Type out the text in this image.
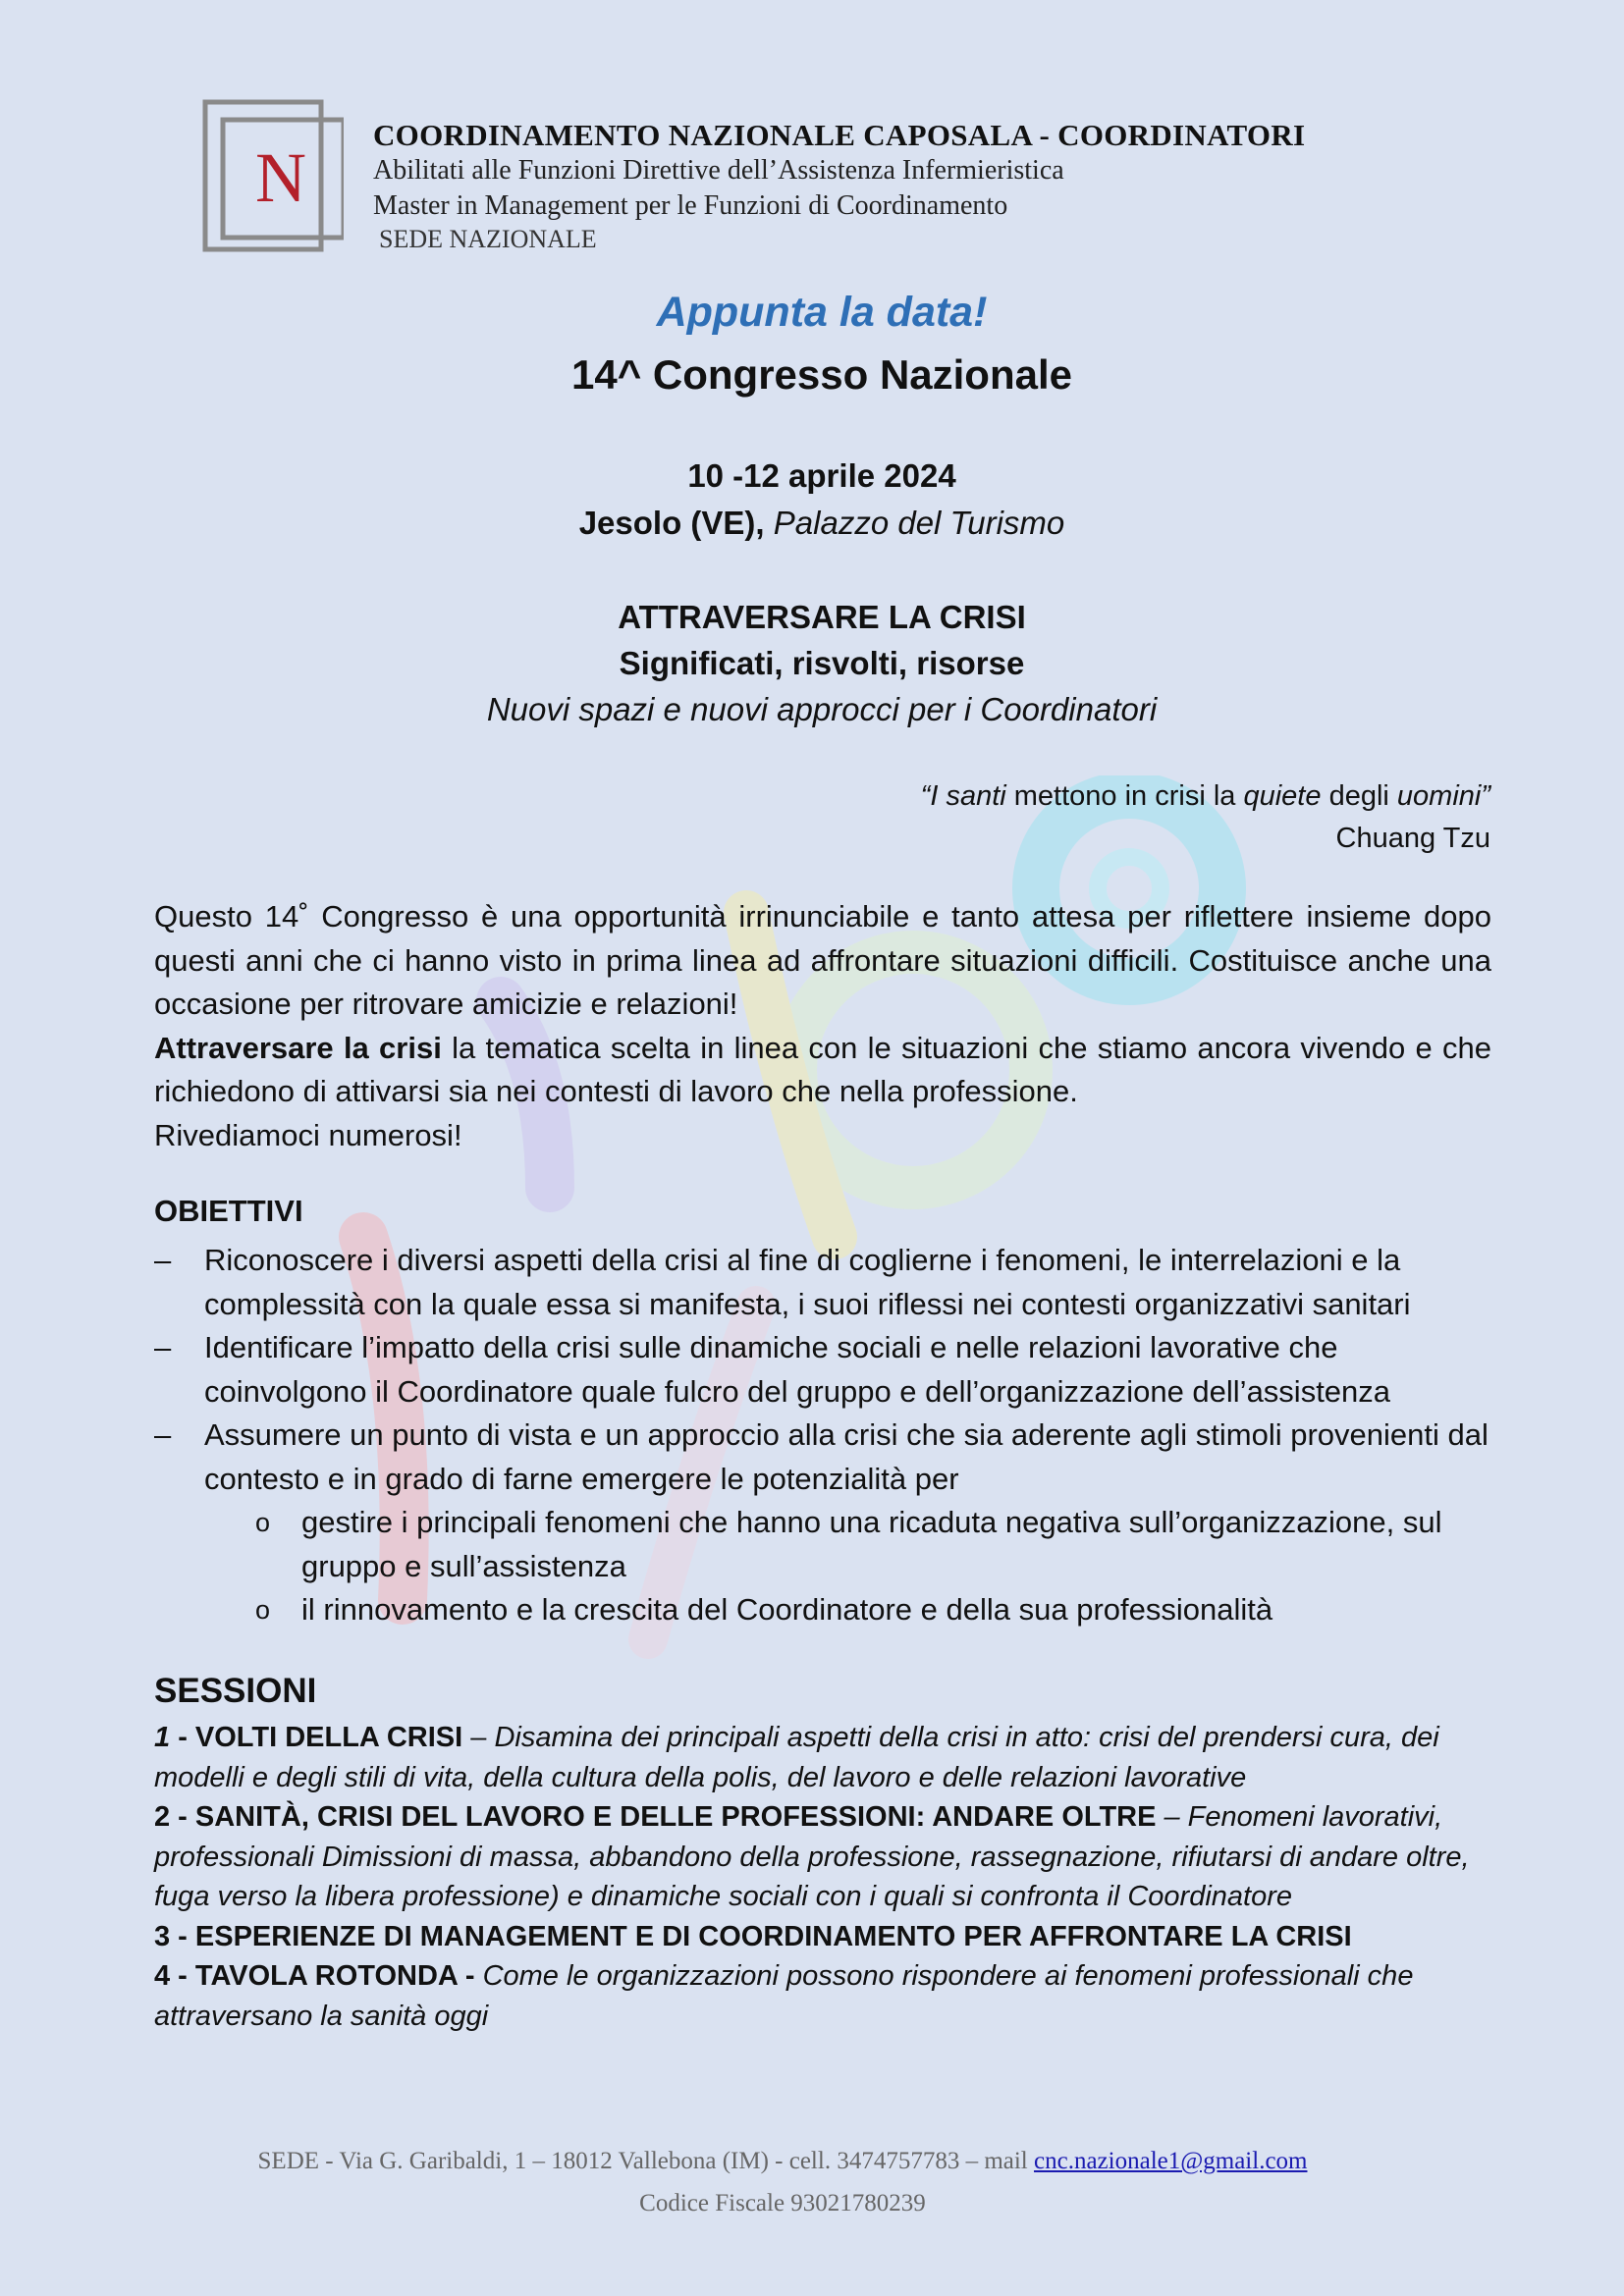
N
COORDINAMENTO NAZIONALE CAPOSALA - COORDINATORI
Abilitati alle Funzioni Direttive dell’Assistenza Infermieristica
Master in Management per le Funzioni di Coordinamento
SEDE NAZIONALE
Appunta la data!
14^ Congresso Nazionale
10 -12 aprile 2024
Jesolo (VE), Palazzo del Turismo
ATTRAVERSARE LA CRISI
Significati, risvolti, risorse
Nuovi spazi e nuovi approcci per i Coordinatori
“I santi mettono in crisi la quiete degli uomini”
Chuang Tzu
Questo 14˚ Congresso è una opportunità irrinunciabile e tanto attesa per riflettere insieme dopo questi anni che ci hanno visto in prima linea ad affrontare situazioni difficili. Costituisce anche una occasione per ritrovare amicizie e relazioni!
Attraversare la crisi la tematica scelta in linea con le situazioni che stiamo ancora vivendo e che richiedono di attivarsi sia nei contesti di lavoro che nella professione.
Rivediamoci numerosi!
OBIETTIVI
– Riconoscere i diversi aspetti della crisi al fine di coglierne i fenomeni, le interrelazioni e la complessità con la quale essa si manifesta, i suoi riflessi nei contesti organizzativi sanitari
– Identificare l’impatto della crisi sulle dinamiche sociali e nelle relazioni lavorative che coinvolgono il Coordinatore quale fulcro del gruppo e dell’organizzazione dell’assistenza
– Assumere un punto di vista e un approccio alla crisi che sia aderente agli stimoli provenienti dal contesto e in grado di farne emergere le potenzialità per
o gestire i principali fenomeni che hanno una ricaduta negativa sull’organizzazione, sul gruppo e sull’assistenza
o il rinnovamento e la crescita del Coordinatore e della sua professionalità
SESSIONI

1 - VOLTI DELLA CRISI – Disamina dei principali aspetti della crisi in atto: crisi del prendersi cura, dei modelli e degli stili di vita, della cultura della polis, del lavoro e delle relazioni lavorative

2 - SANITÀ, CRISI DEL LAVORO E DELLE PROFESSIONI: ANDARE OLTRE – Fenomeni lavorativi, professionali Dimissioni di massa, abbandono della professione, rassegnazione, rifiutarsi di andare oltre, fuga verso la libera professione) e dinamiche sociali con i quali si confronta il Coordinatore

3 - ESPERIENZE DI MANAGEMENT E DI COORDINAMENTO PER AFFRONTARE LA CRISI

4 - TAVOLA ROTONDA - Come le organizzazioni possono rispondere ai fenomeni professionali che attraversano la sanità oggi

SEDE - Via G. Garibaldi, 1 – 18012 Vallebona (IM) - cell. 3474757783 – mail cnc.nazionale1@gmail.com
Codice Fiscale 93021780239
